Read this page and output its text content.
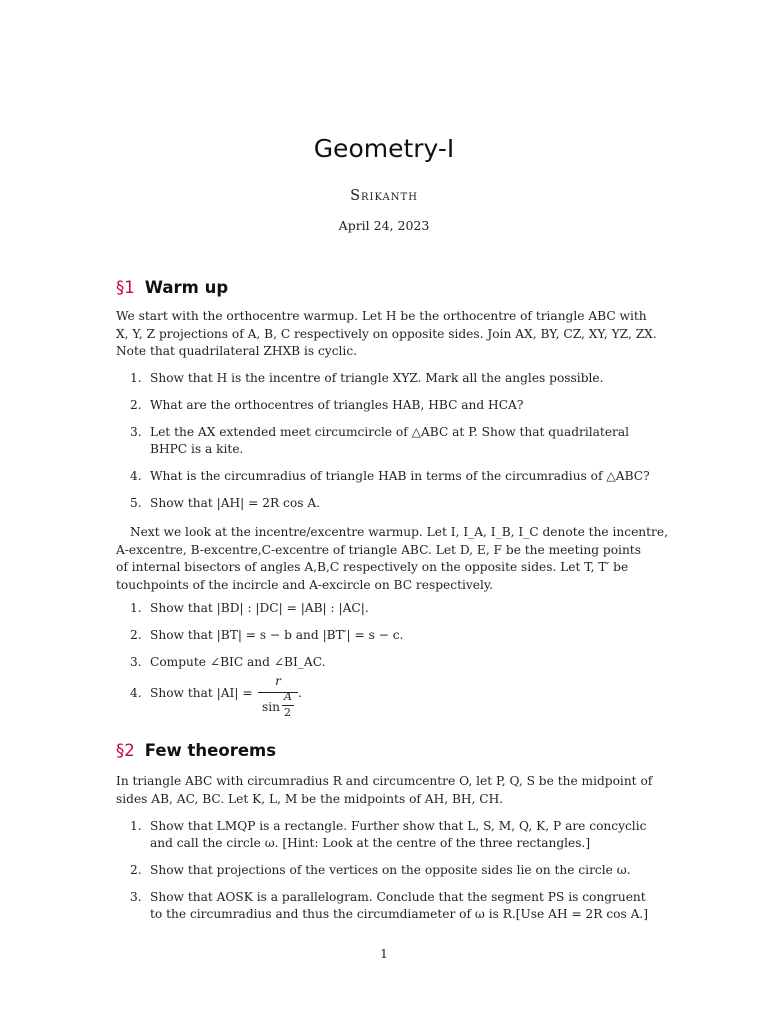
Geometry-I
Srikanth
April 24, 2023
§1 Warm up
We start with the orthocentre warmup. Let H be the orthocentre of triangle ABC with
X, Y, Z projections of A, B, C respectively on opposite sides. Join AX, BY, CZ, XY, YZ, ZX.
Note that quadrilateral ZHXB is cyclic.
1. Show that H is the incentre of triangle XYZ. Mark all the angles possible.
2. What are the orthocentres of triangles HAB, HBC and HCA?
3. Let the AX extended meet circumcircle of △ABC at P. Show that quadrilateral
BHPC is a kite.
4. What is the circumradius of triangle HAB in terms of the circumradius of △ABC?
5. Show that |AH| = 2R cos A.
Next we look at the incentre/excentre warmup. Let I, I_A, I_B, I_C denote the incentre,
A-excentre, B-excentre,C-excentre of triangle ABC. Let D, E, F be the meeting points
of internal bisectors of angles A,B,C respectively on the opposite sides. Let T, T′ be
touchpoints of the incircle and A-excircle on BC respectively.
1. Show that |BD| : |DC| = |AB| : |AC|.
2. Show that |BT| = s − b and |BT′| = s − c.
3. Compute ∠BIC and ∠BI_AC.
4. Show that |AI| =
r
sin
A
2
.
§2 Few theorems
In triangle ABC with circumradius R and circumcentre O, let P, Q, S be the midpoint of
sides AB, AC, BC. Let K, L, M be the midpoints of AH, BH, CH.
1. Show that LMQP is a rectangle. Further show that L, S, M, Q, K, P are concyclic
and call the circle ω. [Hint: Look at the centre of the three rectangles.]
2. Show that projections of the vertices on the opposite sides lie on the circle ω.
3. Show that AOSK is a parallelogram. Conclude that the segment PS is congruent
to the circumradius and thus the circumdiameter of ω is R.[Use AH = 2R cos A.]
1
